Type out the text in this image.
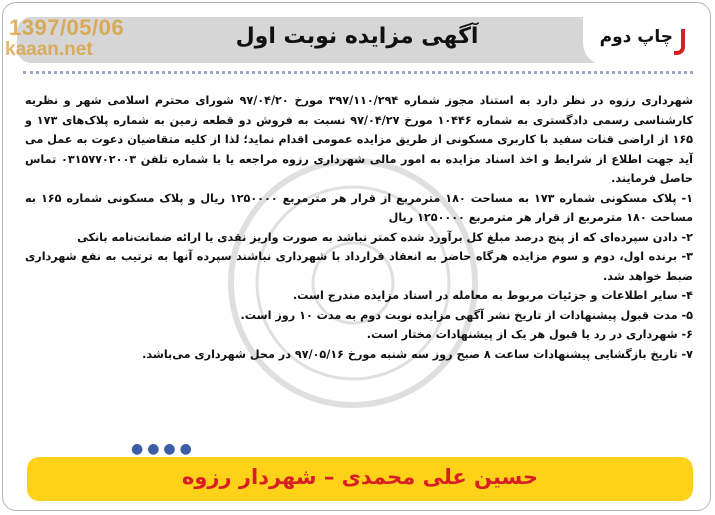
1397/05/06
kaaan.net
آگهی مزایده نوبت اول	چاپ دوم

شهرداری رزوه در نظر دارد به استناد مجوز شماره ۳۹۷/۱۱۰/۲۹۴ مورخ ۹۷/۰۴/۲۰ شورای محترم اسلامی شهر و نظریه کارشناسی رسمی دادگستری به شماره ۱۰۴۴۶ مورخ ۹۷/۰۴/۲۷ نسبت به فروش دو قطعه زمین به شماره پلاک‌های ۱۷۳ و ۱۶۵ از اراضی قنات سفید با کاربری مسکونی از طریق مزایده عمومی اقدام نماید؛ لذا از کلیه متقاضیان دعوت به عمل می آید جهت اطلاع از شرایط و اخذ اسناد مزایده به امور مالی شهرداری رزوه مراجعه یا با شماره تلفن ۰۳۱۵۷۷۰۲۰۰۳ تماس حاصل فرمایند.

۱- پلاک مسکونی شماره ۱۷۳ به مساحت ۱۸۰ مترمربع از قرار هر مترمربع ۱۲۵۰۰۰۰ ریال و پلاک مسکونی شماره ۱۶۵ به مساحت ۱۸۰ مترمربع از قرار هر مترمربع ۱۲۵۰۰۰۰ ریال

۲- دادن سپرده‌ای که از پنج درصد مبلغ کل برآورد شده کمتر نباشد به صورت واریز نقدی یا ارائه ضمانت‌نامه بانکی

۳- برنده اول، دوم و سوم مزایده هرگاه حاضر به انعقاد قرارداد با شهرداری نباشند سپرده آنها به ترتیب به نفع شهرداری ضبط خواهد شد.

۴- سایر اطلاعات و جزئیات مربوط به معامله در اسناد مزایده مندرج است.

۵- مدت قبول پیشنهادات از تاریخ نشر آگهی مزایده نوبت دوم به مدت ۱۰ روز است.

۶- شهرداری در رد یا قبول هر یک از پیشنهادات مختار است.

۷- تاریخ بازگشایی پیشنهادات ساعت ۸ صبح روز سه شنبه مورخ ۹۷/۰۵/۱۶ در محل شهرداری می‌باشد.

●●●●
حسین علی محمدی – شهردار رزوه
